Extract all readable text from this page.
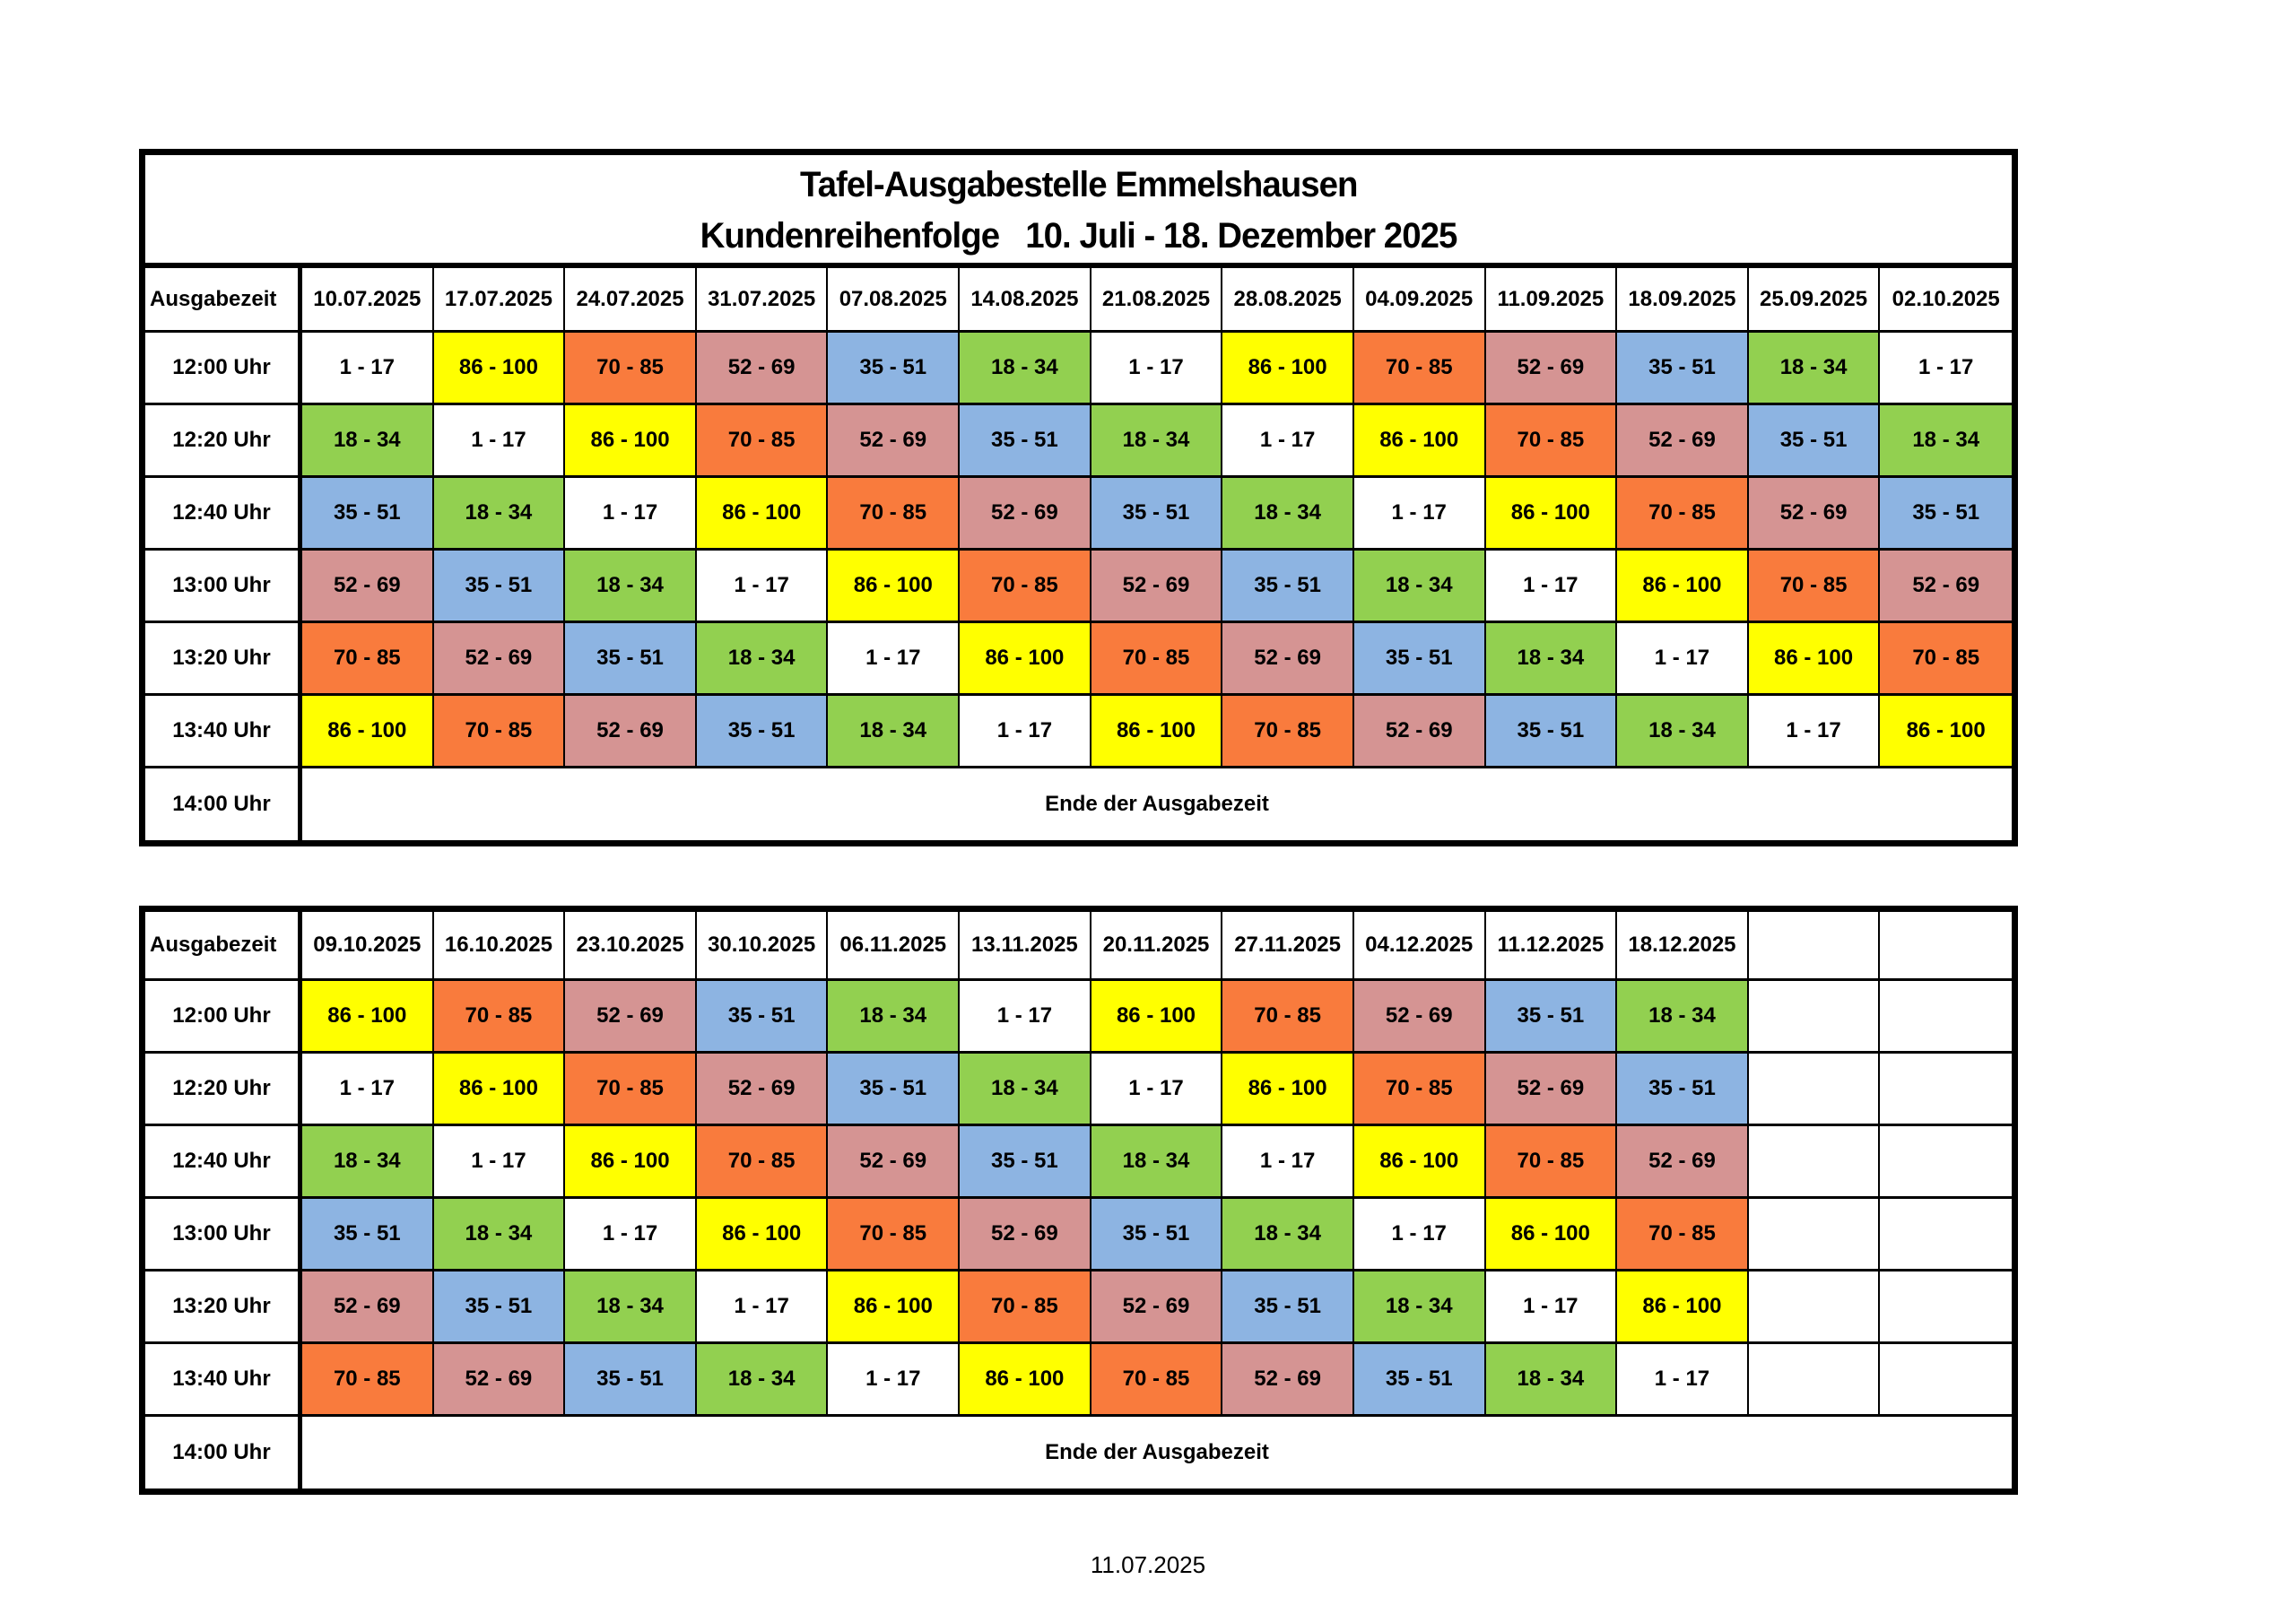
Tafel-Ausgabestelle Emmelshausen
Kundenreihenfolge   10. Juli - 18. Dezember 2025
Ausgabezeit	10.07.2025	17.07.2025	24.07.2025	31.07.2025	07.08.2025	14.08.2025	21.08.2025	28.08.2025	04.09.2025	11.09.2025	18.09.2025	25.09.2025	02.10.2025
12:00 Uhr	1 - 17	86 - 100	70 - 85	52 - 69	35 - 51	18 - 34	1 - 17	86 - 100	70 - 85	52 - 69	35 - 51	18 - 34	1 - 17
12:20 Uhr	18 - 34	1 - 17	86 - 100	70 - 85	52 - 69	35 - 51	18 - 34	1 - 17	86 - 100	70 - 85	52 - 69	35 - 51	18 - 34
12:40 Uhr	35 - 51	18 - 34	1 - 17	86 - 100	70 - 85	52 - 69	35 - 51	18 - 34	1 - 17	86 - 100	70 - 85	52 - 69	35 - 51
13:00 Uhr	52 - 69	35 - 51	18 - 34	1 - 17	86 - 100	70 - 85	52 - 69	35 - 51	18 - 34	1 - 17	86 - 100	70 - 85	52 - 69
13:20 Uhr	70 - 85	52 - 69	35 - 51	18 - 34	1 - 17	86 - 100	70 - 85	52 - 69	35 - 51	18 - 34	1 - 17	86 - 100	70 - 85
13:40 Uhr	86 - 100	70 - 85	52 - 69	35 - 51	18 - 34	1 - 17	86 - 100	70 - 85	52 - 69	35 - 51	18 - 34	1 - 17	86 - 100
14:00 Uhr	Ende der Ausgabezeit
Ausgabezeit	09.10.2025	16.10.2025	23.10.2025	30.10.2025	06.11.2025	13.11.2025	20.11.2025	27.11.2025	04.12.2025	11.12.2025	18.12.2025
12:00 Uhr	86 - 100	70 - 85	52 - 69	35 - 51	18 - 34	1 - 17	86 - 100	70 - 85	52 - 69	35 - 51	18 - 34
12:20 Uhr	1 - 17	86 - 100	70 - 85	52 - 69	35 - 51	18 - 34	1 - 17	86 - 100	70 - 85	52 - 69	35 - 51
12:40 Uhr	18 - 34	1 - 17	86 - 100	70 - 85	52 - 69	35 - 51	18 - 34	1 - 17	86 - 100	70 - 85	52 - 69
13:00 Uhr	35 - 51	18 - 34	1 - 17	86 - 100	70 - 85	52 - 69	35 - 51	18 - 34	1 - 17	86 - 100	70 - 85
13:20 Uhr	52 - 69	35 - 51	18 - 34	1 - 17	86 - 100	70 - 85	52 - 69	35 - 51	18 - 34	1 - 17	86 - 100
13:40 Uhr	70 - 85	52 - 69	35 - 51	18 - 34	1 - 17	86 - 100	70 - 85	52 - 69	35 - 51	18 - 34	1 - 17
14:00 Uhr	Ende der Ausgabezeit
11.07.2025
